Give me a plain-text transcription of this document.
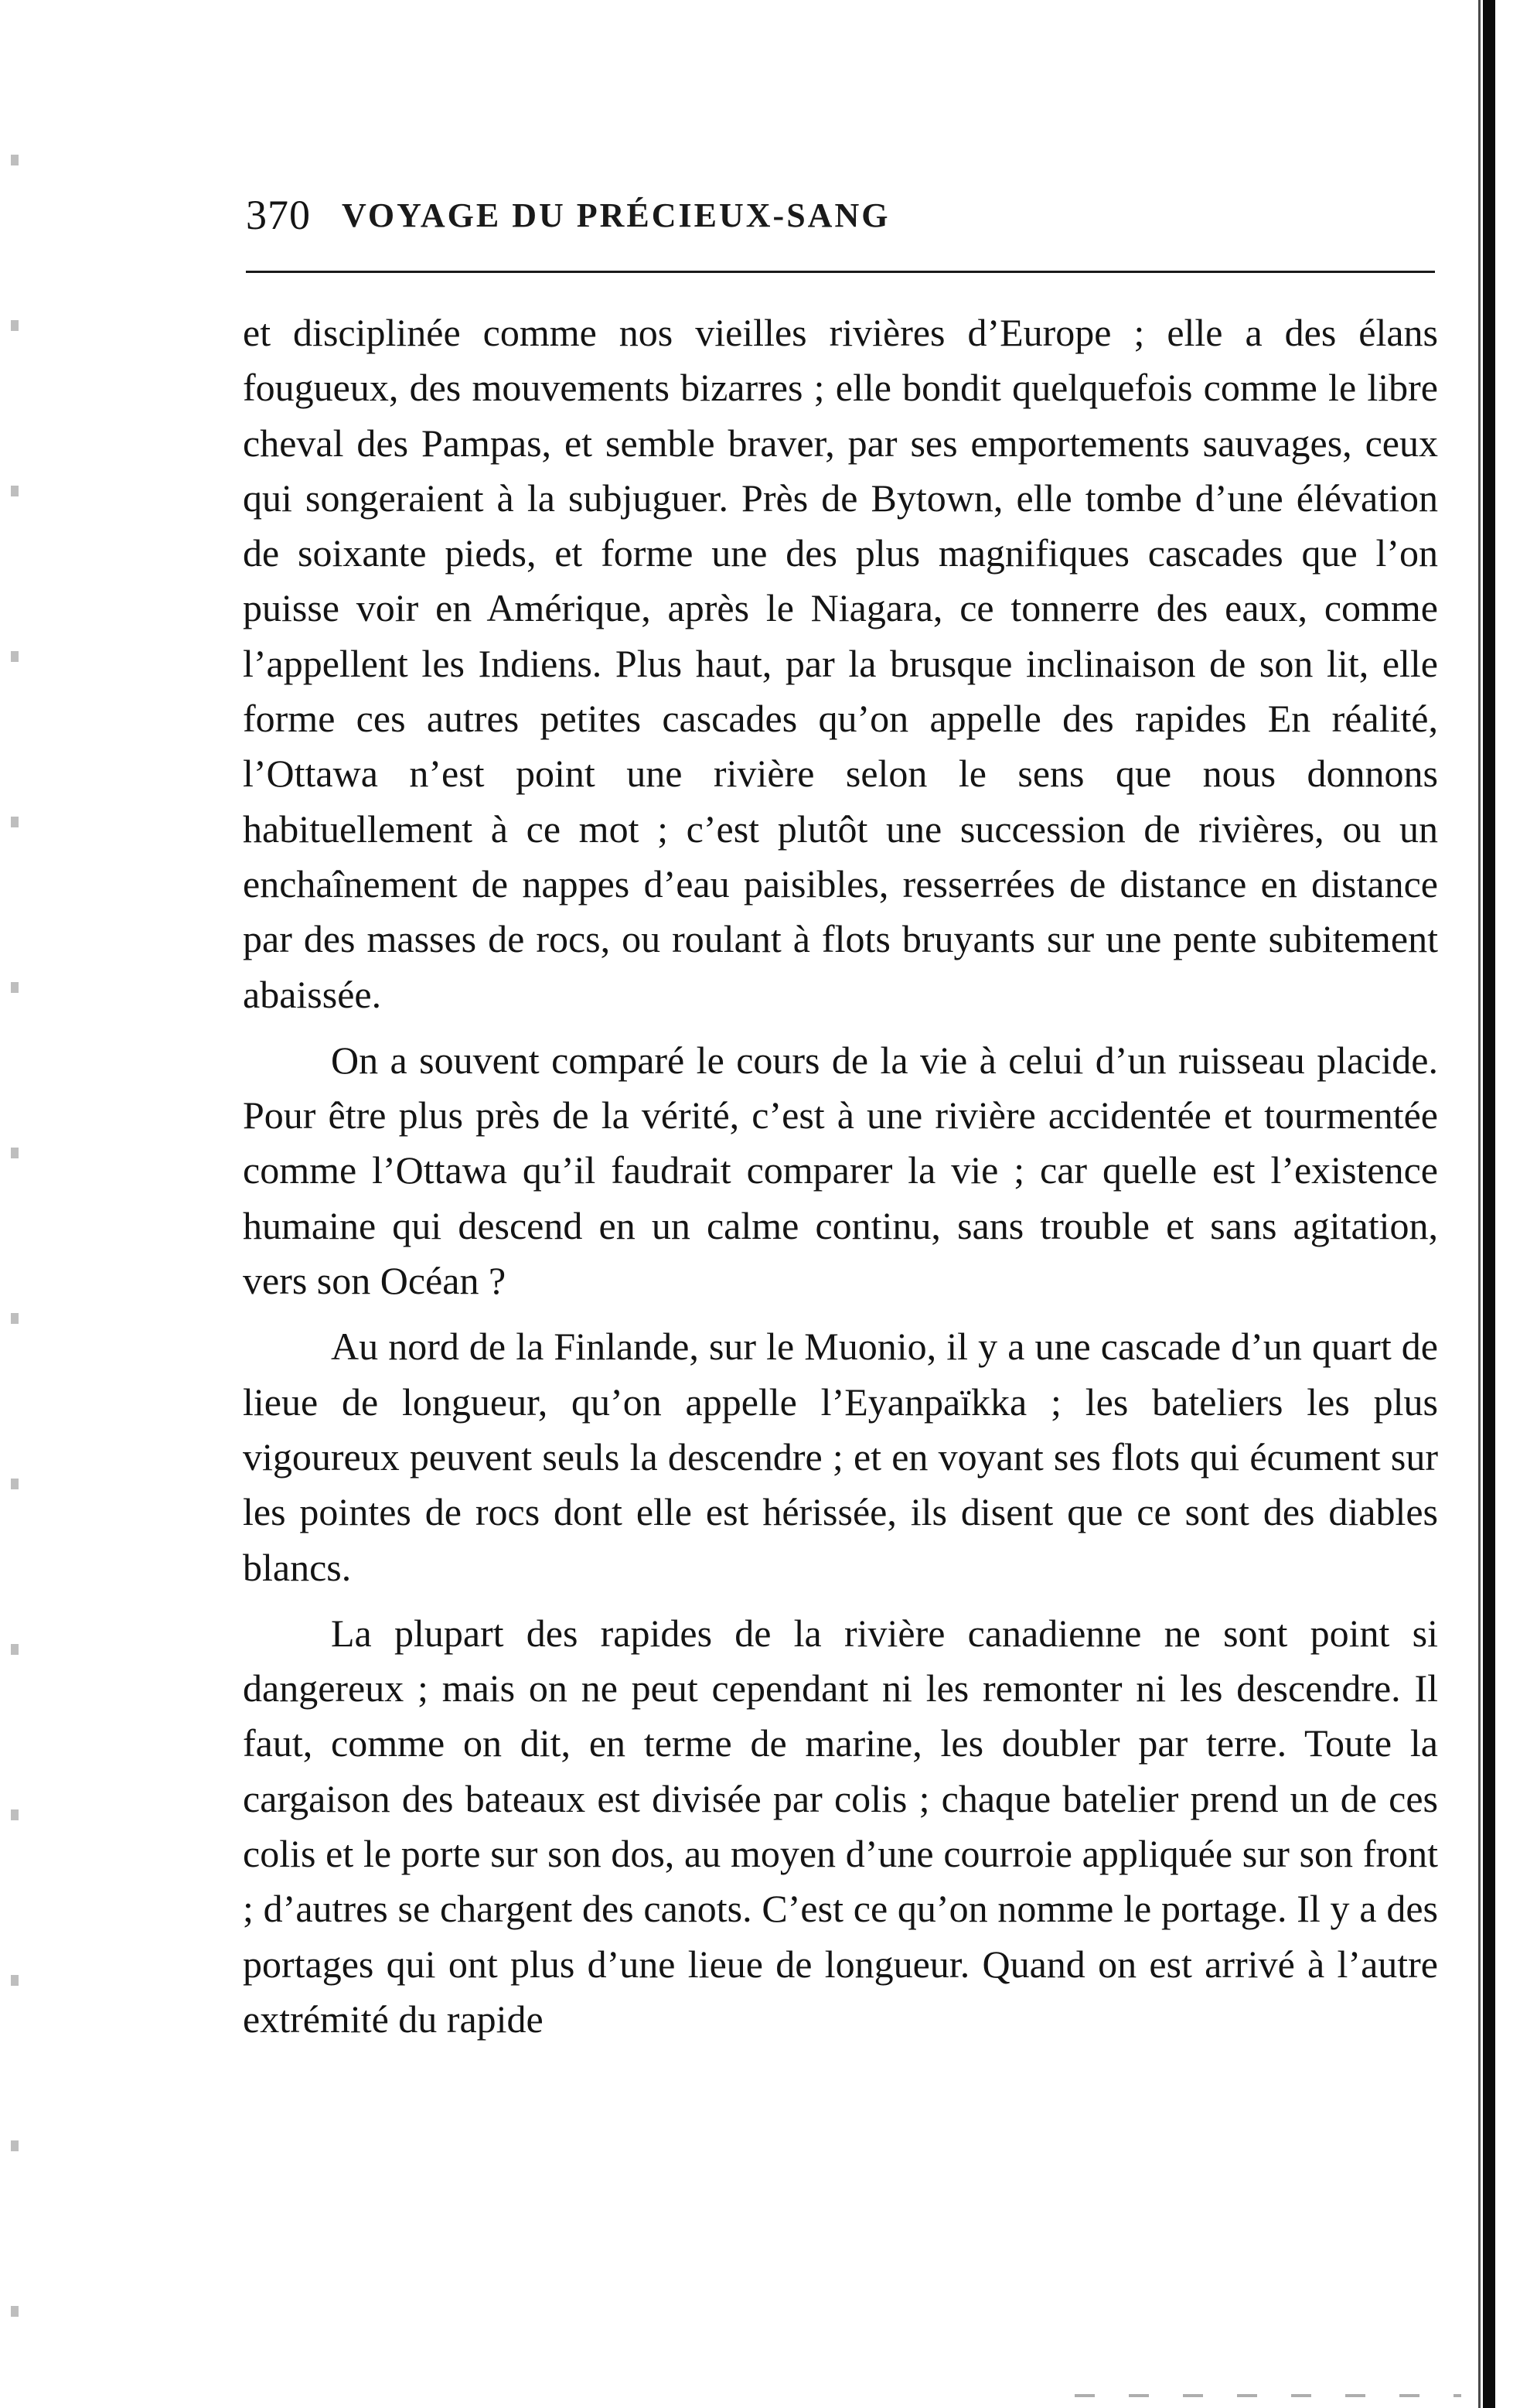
370 VOYAGE DU PRÉCIEUX-SANG

et disciplinée comme nos vieilles rivières d’Europe ; elle a des élans fougueux, des mouvements bizarres ; elle bondit quelquefois comme le libre cheval des Pampas, et semble braver, par ses emportements sauvages, ceux qui songeraient à la subjuguer. Près de Bytown, elle tombe d’une élévation de soixante pieds, et forme une des plus magnifiques cascades que l’on puisse voir en Amérique, après le Niagara, ce tonnerre des eaux, comme l’appellent les Indiens. Plus haut, par la brusque inclinaison de son lit, elle forme ces autres petites cascades qu’on appelle des rapides En réalité, l’Ottawa n’est point une rivière selon le sens que nous donnons habituellement à ce mot ; c’est plutôt une succession de rivières, ou un enchaînement de nappes d’eau paisibles, resserrées de distance en distance par des masses de rocs, ou roulant à flots bruyants sur une pente subitement abaissée.

On a souvent comparé le cours de la vie à celui d’un ruisseau placide. Pour être plus près de la vérité, c’est à une rivière accidentée et tourmentée comme l’Ottawa qu’il faudrait comparer la vie ; car quelle est l’existence humaine qui descend en un calme continu, sans trouble et sans agitation, vers son Océan ?

Au nord de la Finlande, sur le Muonio, il y a une cascade d’un quart de lieue de longueur, qu’on appelle l’Eyanpaïkka ; les bateliers les plus vigoureux peuvent seuls la descendre ; et en voyant ses flots qui écument sur les pointes de rocs dont elle est hérissée, ils disent que ce sont des diables blancs.

La plupart des rapides de la rivière canadienne ne sont point si dangereux ; mais on ne peut cependant ni les remonter ni les descendre. Il faut, comme on dit, en terme de marine, les doubler par terre. Toute la cargaison des bateaux est divisée par colis ; chaque batelier prend un de ces colis et le porte sur son dos, au moyen d’une courroie appliquée sur son front ; d’autres se chargent des canots. C’est ce qu’on nomme le portage. Il y a des portages qui ont plus d’une lieue de longueur. Quand on est arrivé à l’autre extrémité du rapide
